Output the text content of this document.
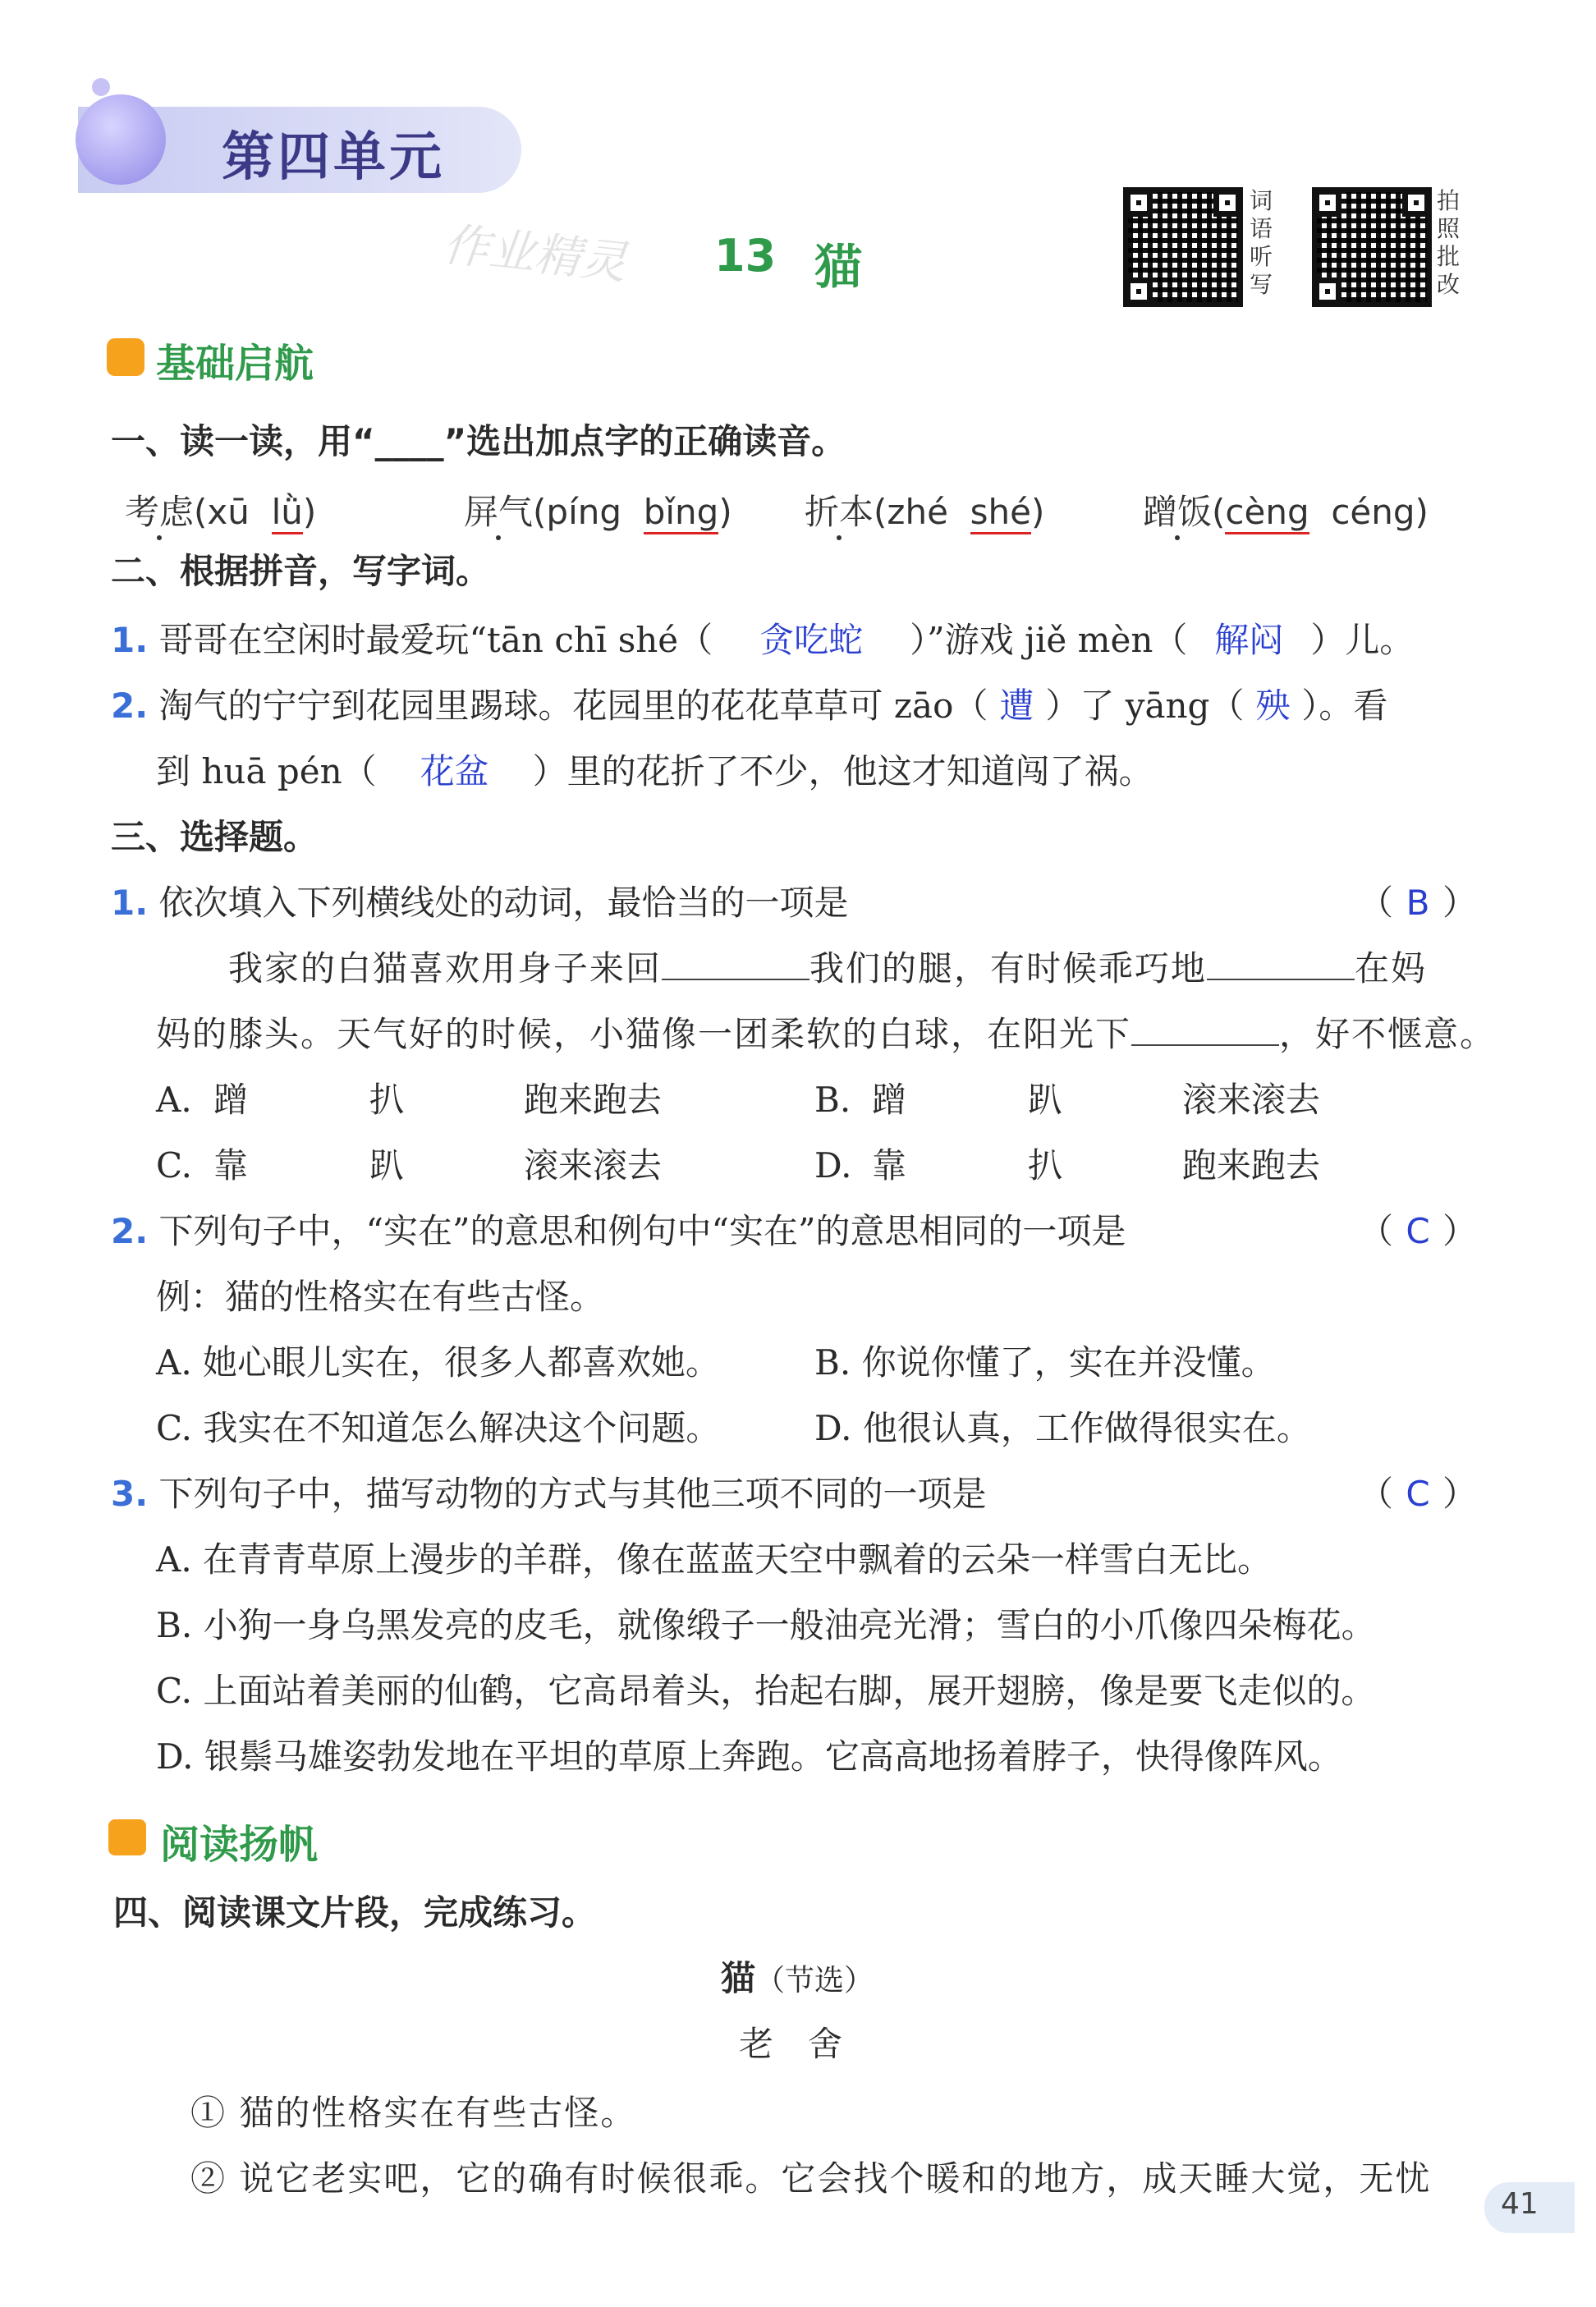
第四单元
作业精灵 13 猫
词语听写
拍照批改
基础启航
一、读一读，用“____”选出加点字的正确读音。
考虑(xū lǜ)	屏气(píng bǐng) 折本(zhé shé)	蹭饭(cèng céng)
二、根据拼音，写字词。
1. 哥哥在空闲时最爱玩“tān chī shé（ 贪吃蛇 ）”游戏 jiě mèn（ 解闷 ）儿。
2. 淘气的宁宁到花园里踢球。花园里的花花草草可 zāo（ 遭 ）了 yāng（ 殃 ）。看
到 huā pén（ 花盆 ）里的花折了不少，他这才知道闯了祸。
三、选择题。
1. 依次填入下列横线处的动词，最恰当的一项是	（ B ）
我家的白猫喜欢用身子来回	我们的腿，有时候乖巧地	在妈
妈的膝头。天气好的时候，小猫像一团柔软的白球，在阳光下	，好不惬意。
A. 蹭	扒	跑来跑去	B. 蹭	趴	滚来滚去
C. 靠	趴	滚来滚去	D. 靠	扒	跑来跑去
2. 下列句子中，“实在”的意思和例句中“实在”的意思相同的一项是	（ C ）
例：猫的性格实在有些古怪。
A. 她心眼儿实在，很多人都喜欢她。	B. 你说你懂了，实在并没懂。
C. 我实在不知道怎么解决这个问题。	D. 他很认真，工作做得很实在。
3. 下列句子中，描写动物的方式与其他三项不同的一项是	（ C ）
A. 在青青草原上漫步的羊群，像在蓝蓝天空中飘着的云朵一样雪白无比。
B. 小狗一身乌黑发亮的皮毛，就像缎子一般油亮光滑；雪白的小爪像四朵梅花。
C. 上面站着美丽的仙鹤，它高昂着头，抬起右脚，展开翅膀，像是要飞走似的。
D. 银鬃马雄姿勃发地在平坦的草原上奔跑。它高高地扬着脖子，快得像阵风。
阅读扬帆
四、阅读课文片段，完成练习。
猫（节选）
老　舍
① 猫的性格实在有些古怪。
② 说它老实吧，它的确有时候很乖。它会找个暖和的地方，成天睡大觉，无忧
41
